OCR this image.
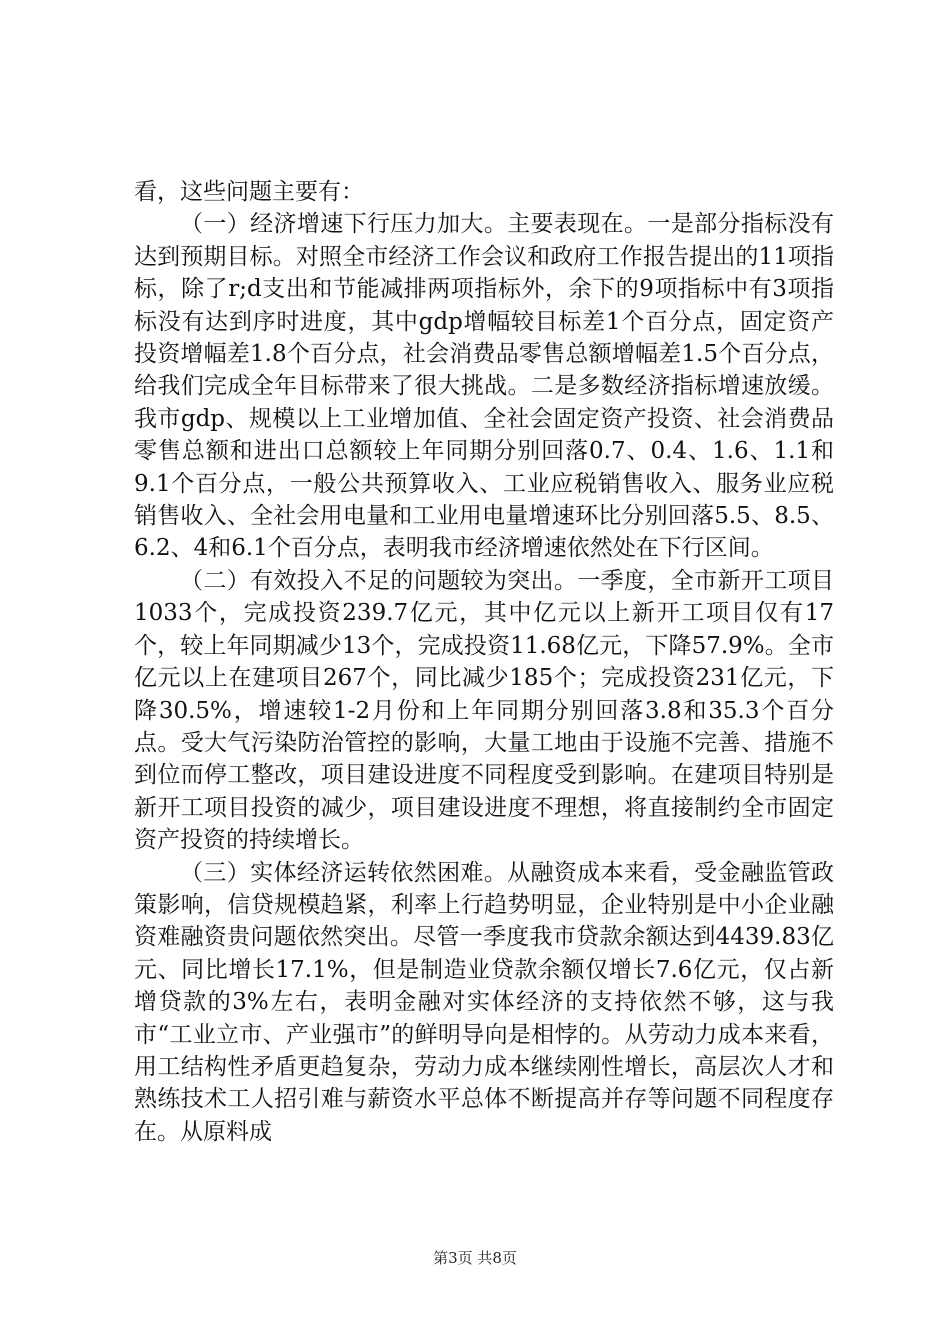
看，这些问题主要有：

（一）经济增速下行压力加大。主要表现在。一是部分指标没有达到预期目标。对照全市经济工作会议和政府工作报告提出的11项指标，除了r;d支出和节能减排两项指标外，余下的9项指标中有3项指标没有达到序时进度，其中gdp增幅较目标差1个百分点，固定资产投资增幅差1.8个百分点，社会消费品零售总额增幅差1.5个百分点，给我们完成全年目标带来了很大挑战。二是多数经济指标增速放缓。我市gdp、规模以上工业增加值、全社会固定资产投资、社会消费品零售总额和进出口总额较上年同期分别回落0.7、0.4、1.6、1.1和9.1个百分点，一般公共预算收入、工业应税销售收入、服务业应税销售收入、全社会用电量和工业用电量增速环比分别回落5.5、8.5、6.2、4和6.1个百分点，表明我市经济增速依然处在下行区间。

（二）有效投入不足的问题较为突出。一季度，全市新开工项目1033个，完成投资239.7亿元，其中亿元以上新开工项目仅有17个，较上年同期减少13个，完成投资11.68亿元，下降57.9%。全市亿元以上在建项目267个，同比减少185个；完成投资231亿元，下降30.5%，增速较1-2月份和上年同期分别回落3.8和35.3个百分点。受大气污染防治管控的影响，大量工地由于设施不完善、措施不到位而停工整改，项目建设进度不同程度受到影响。在建项目特别是新开工项目投资的减少，项目建设进度不理想，将直接制约全市固定资产投资的持续增长。

（三）实体经济运转依然困难。从融资成本来看，受金融监管政策影响，信贷规模趋紧，利率上行趋势明显，企业特别是中小企业融资难融资贵问题依然突出。尽管一季度我市贷款余额达到4439.83亿元、同比增长17.1%，但是制造业贷款余额仅增长7.6亿元，仅占新增贷款的3%左右，表明金融对实体经济的支持依然不够，这与我市“工业立市、产业强市”的鲜明导向是相悖的。从劳动力成本来看，用工结构性矛盾更趋复杂，劳动力成本继续刚性增长，高层次人才和熟练技术工人招引难与薪资水平总体不断提高并存等问题不同程度存在。从原料成

第3页 共8页
